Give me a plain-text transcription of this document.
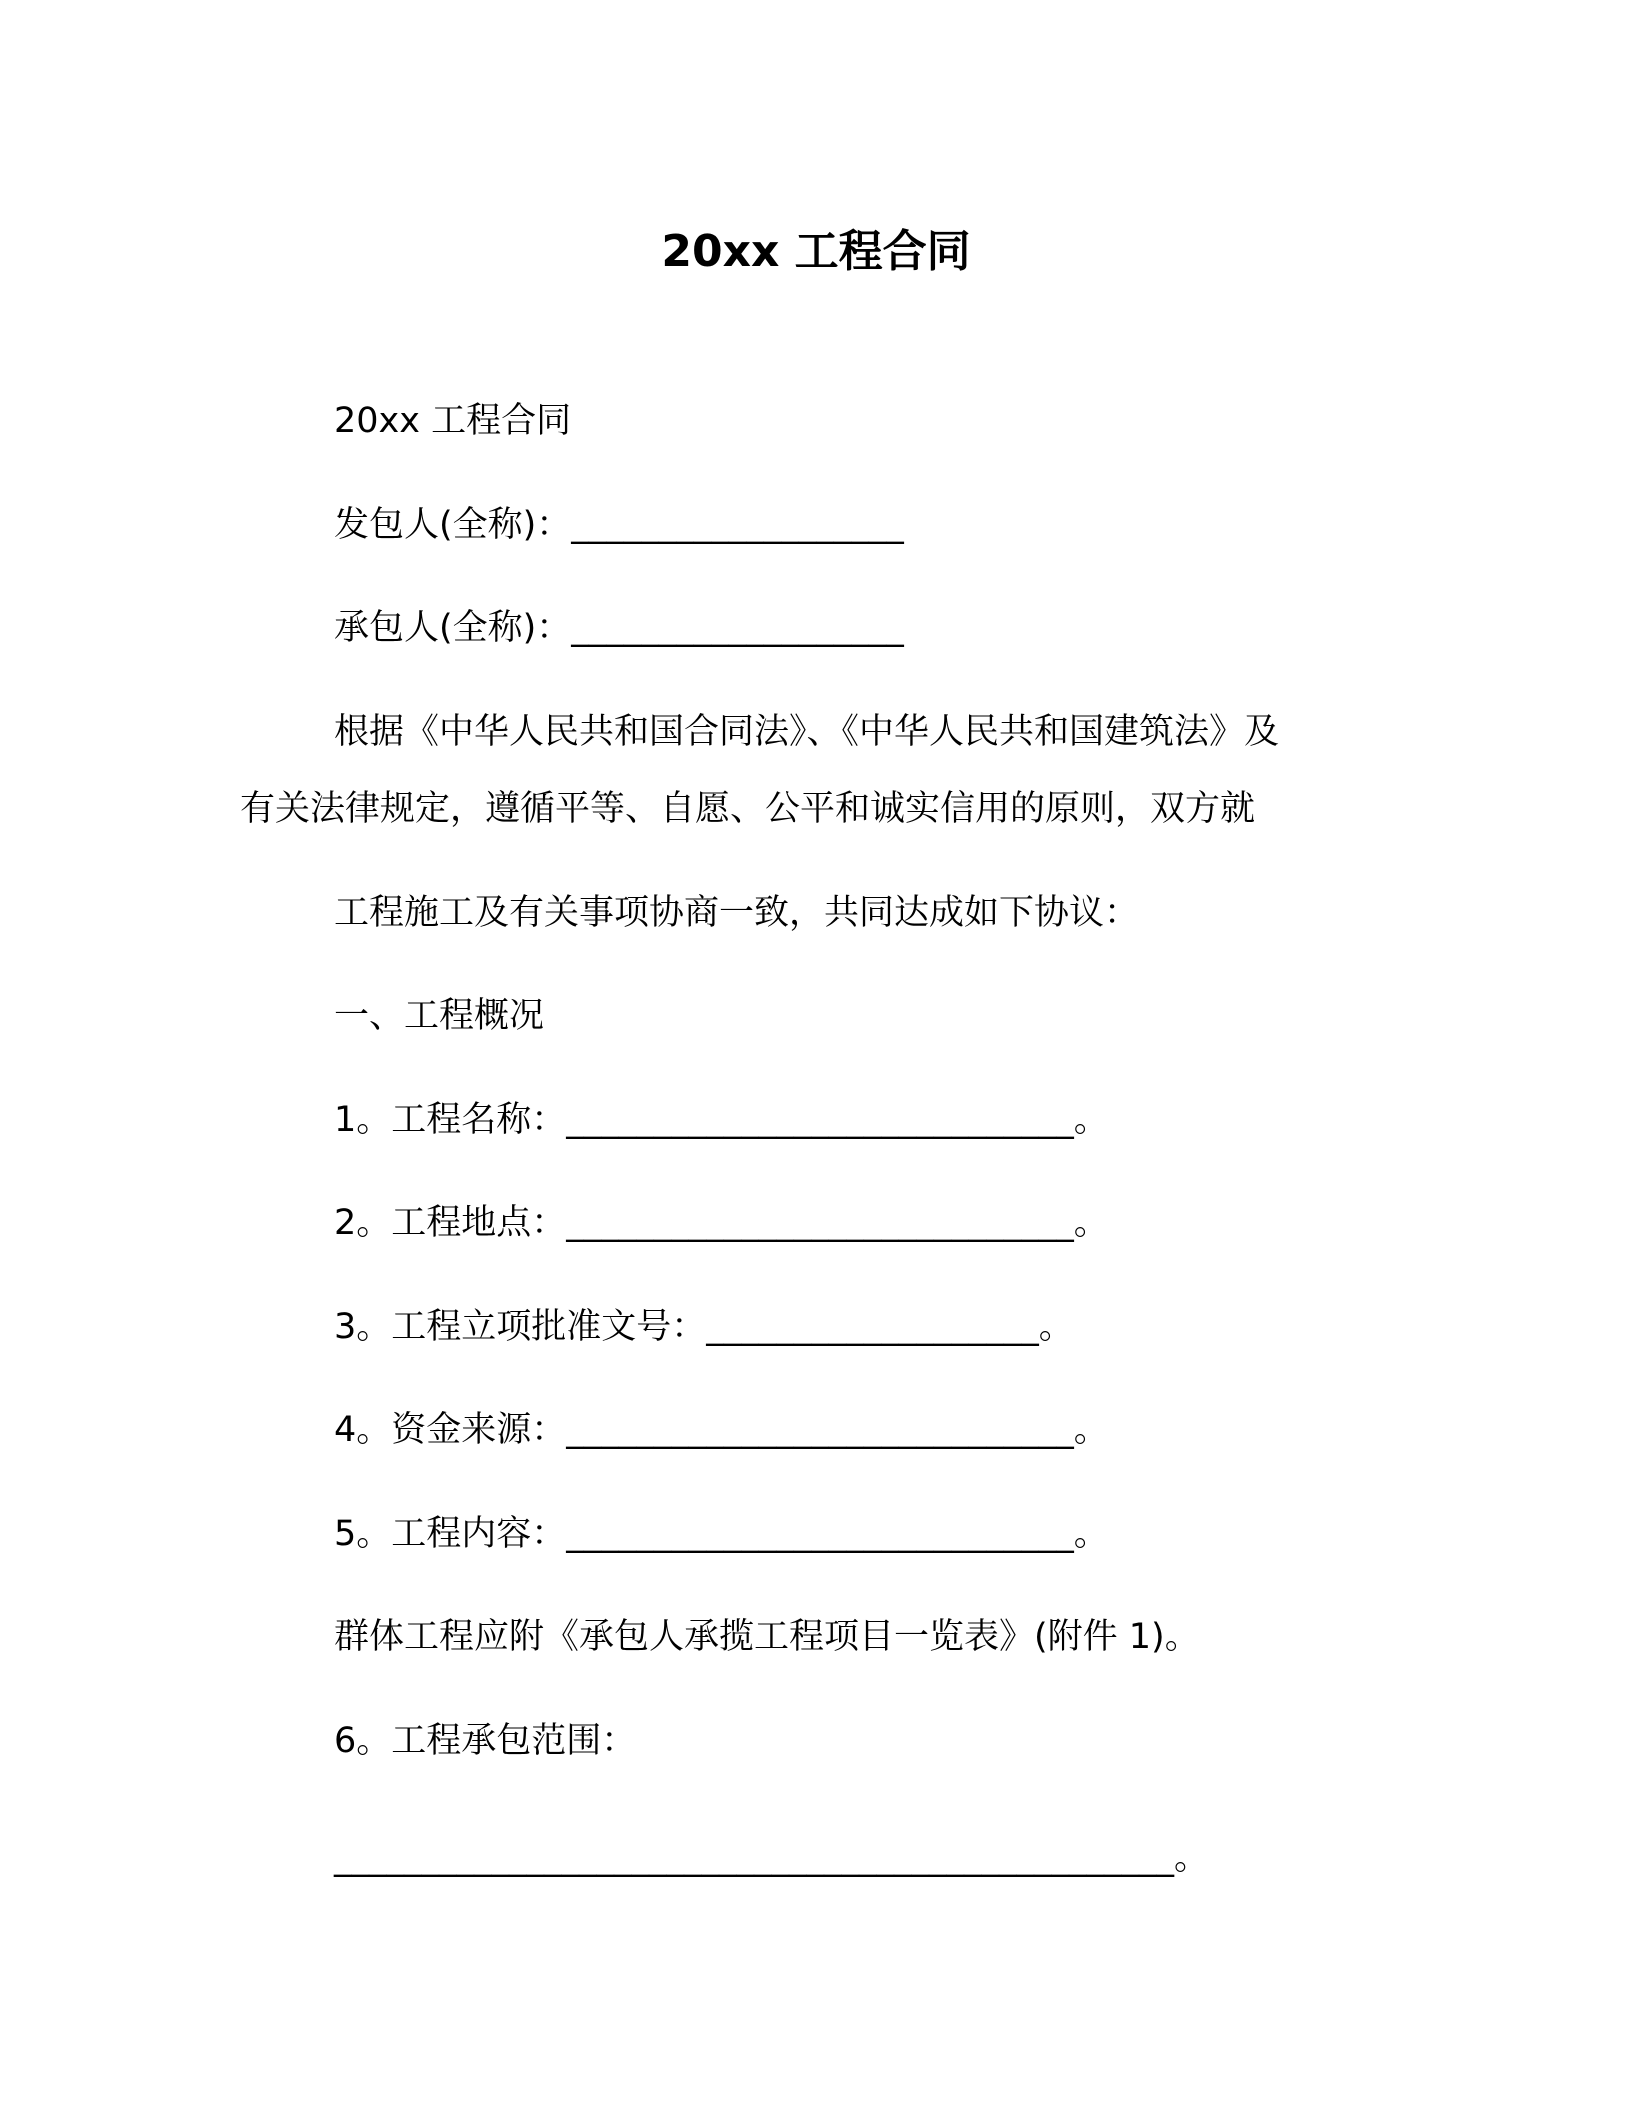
20xx 工程合同
20xx 工程合同
发包人(全称)：___________________
承包人(全称)：___________________
根据《中华人民共和国合同法》、《中华人民共和国建筑法》及
有关法律规定，遵循平等、自愿、公平和诚实信用的原则，双方就
工程施工及有关事项协商一致，共同达成如下协议：
一、工程概况
1。工程名称：_____________________________。
2。工程地点：_____________________________。
3。工程立项批准文号：___________________。
4。资金来源：_____________________________。
5。工程内容：_____________________________。
群体工程应附《承包人承揽工程项目一览表》(附件 1)。
6。工程承包范围：
________________________________________________。
